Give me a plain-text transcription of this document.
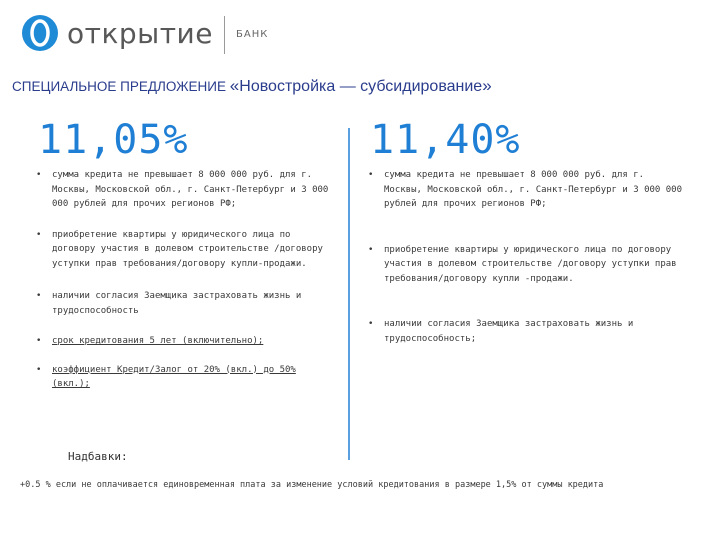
открытие БАНК
СПЕЦИАЛЬНОЕ ПРЕДЛОЖЕНИЕ «Новостройка — субсидирование»
11,05%	11,40%
• сумма кредита не превышает 8 000 000 руб. для г. Москвы, Московской обл., г. Санкт-Петербург и 3 000 000 рублей для прочих регионов РФ;
• приобретение квартиры у юридического лица по договору участия в долевом строительстве /договору уступки прав требования/договору купли-продажи.
• наличии согласия Заемщика застраховать жизнь и трудоспособность
• срок кредитования 5 лет (включительно);
• коэффициент Кредит/Залог от 20% (вкл.) до 50% (вкл.);
• сумма кредита не превышает 8 000 000 руб. для г. Москвы, Московской обл., г. Санкт-Петербург и 3 000 000 рублей для прочих регионов РФ;
• приобретение квартиры у юридического лица по договору участия в долевом строительстве /договору уступки прав требования/договору купли -продажи.
• наличии согласия Заемщика застраховать жизнь и трудоспособность;
Надбавки:
+0.5 % если не оплачивается единовременная плата за изменение условий кредитования в размере 1,5% от суммы кредита
